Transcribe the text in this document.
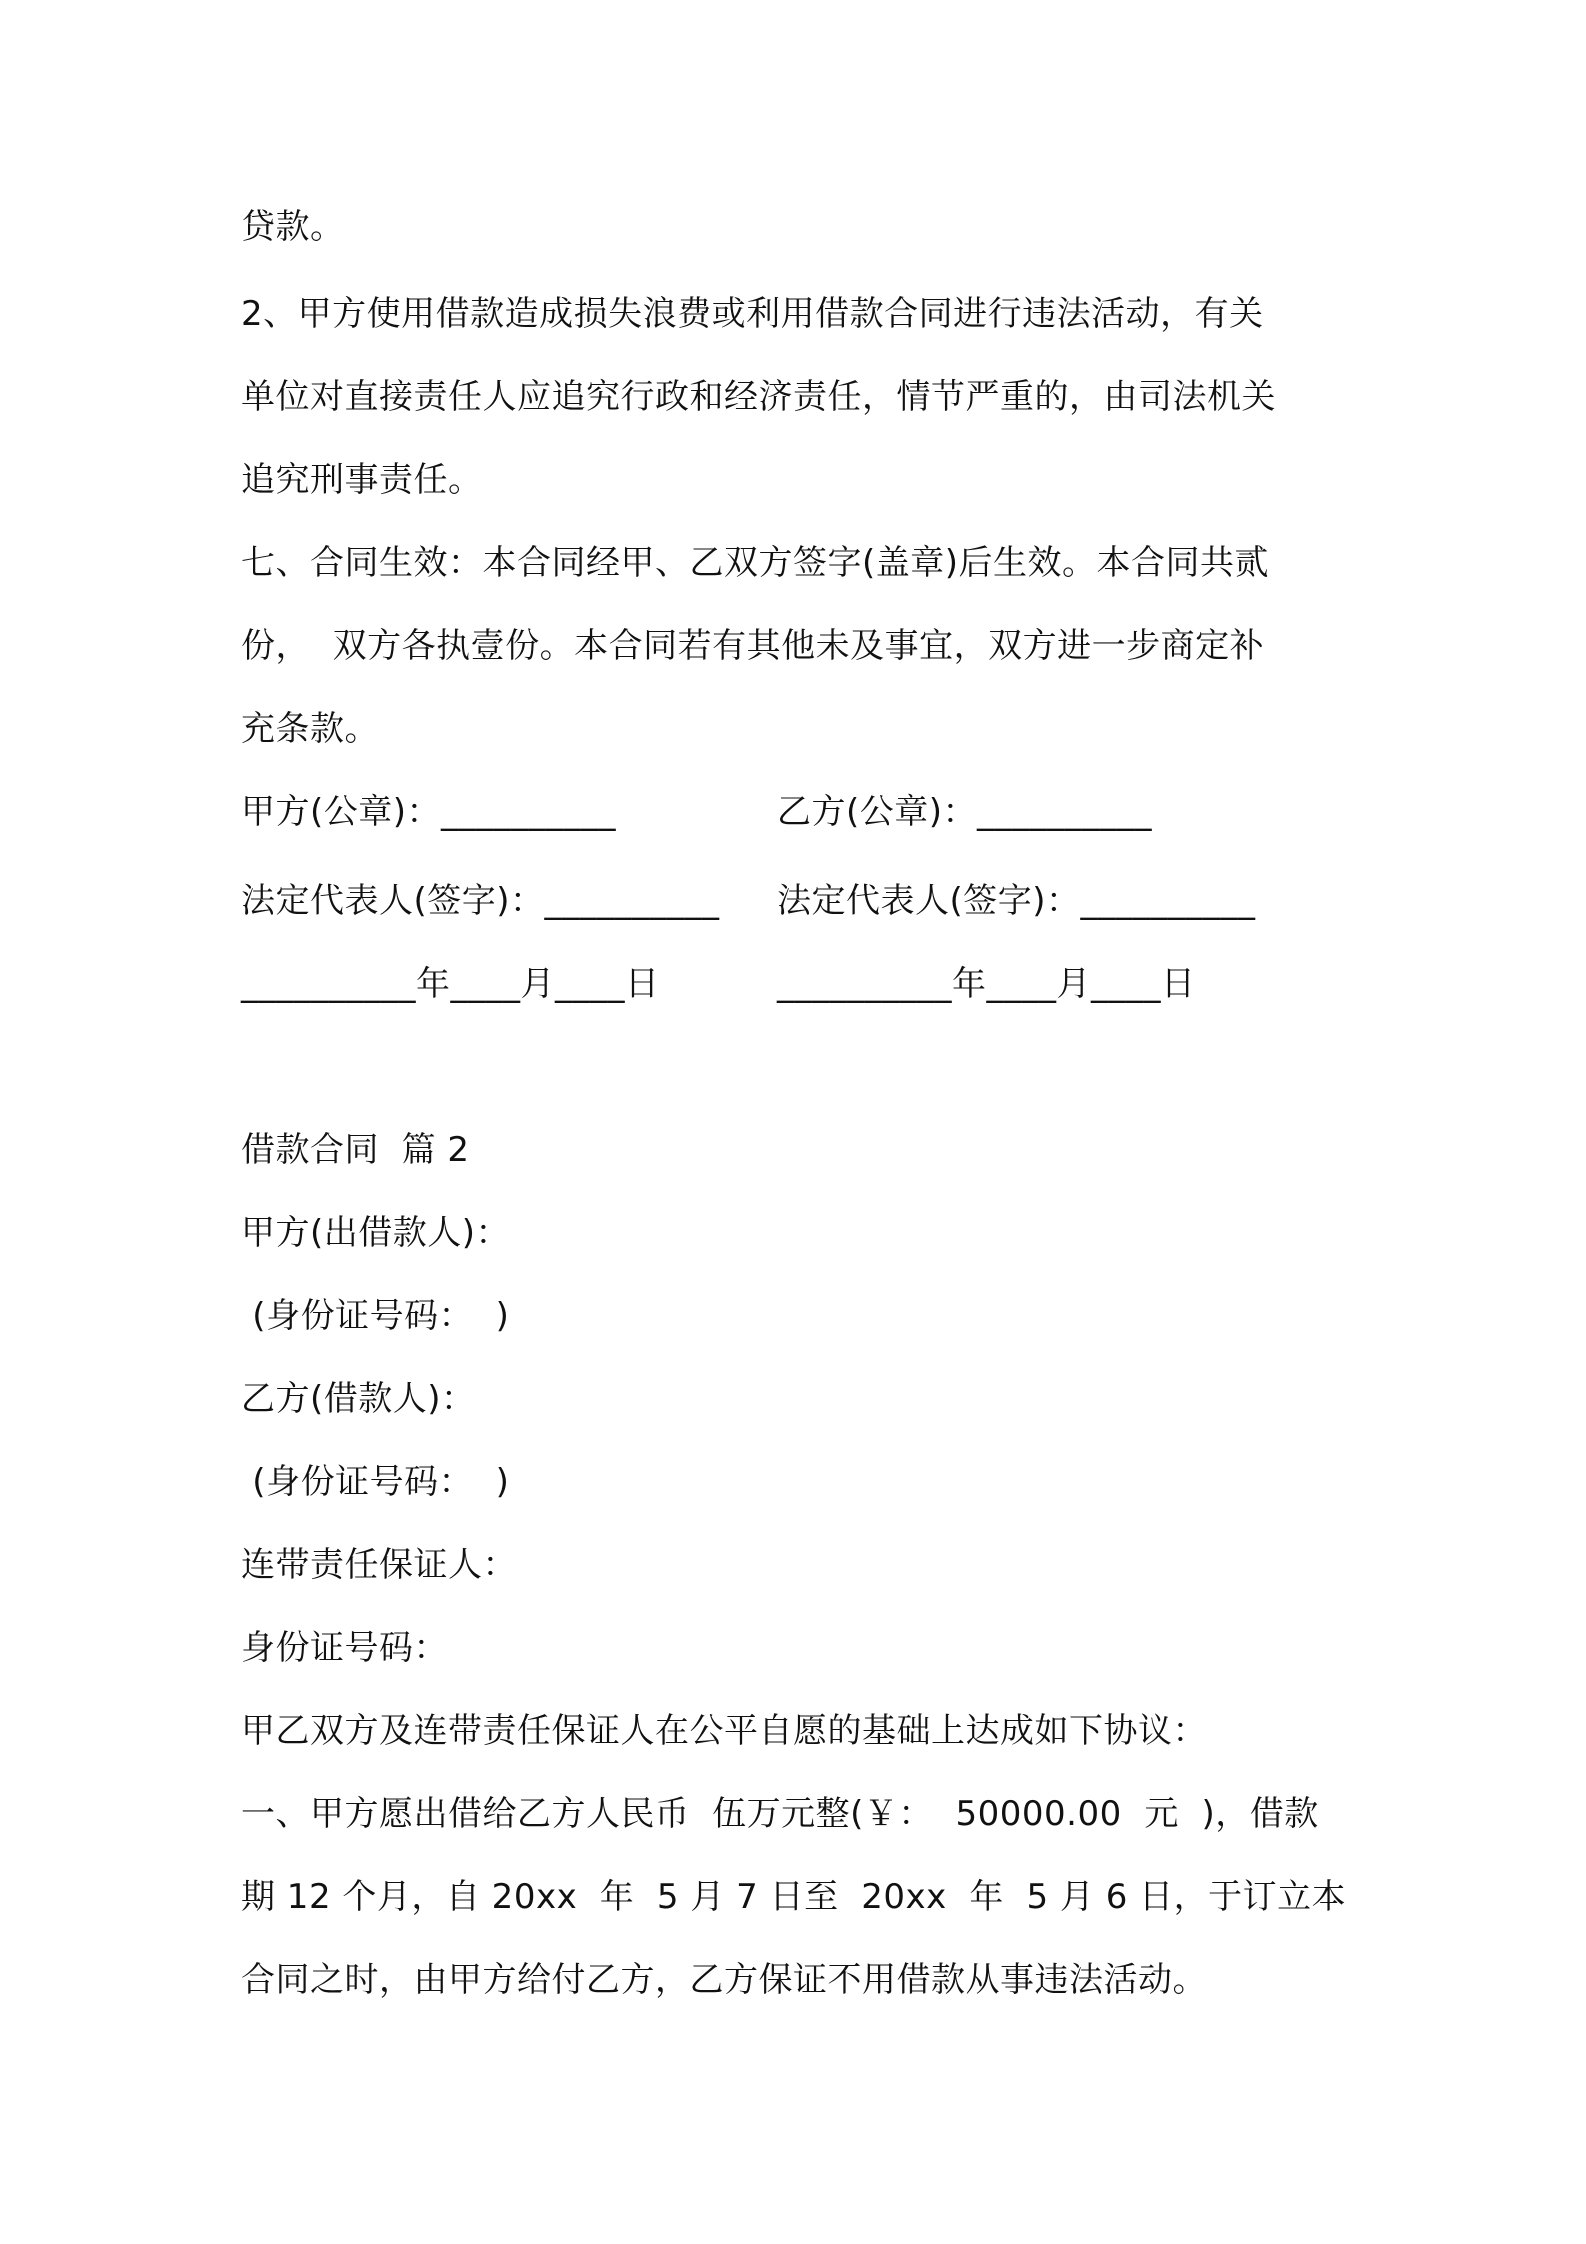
贷款。
2、甲方使用借款造成损失浪费或利用借款合同进行违法活动，有关
单位对直接责任人应追究行政和经济责任，情节严重的，由司法机关
追究刑事责任。
七、合同生效：本合同经甲、乙双方签字(盖章)后生效。本合同共贰
份，  双方各执壹份。本合同若有其他未及事宜，双方进一步商定补
充条款。
甲方(公章)：__________	乙方(公章)：__________
法定代表人(签字)：__________	法定代表人(签字)：__________
__________年____月____日	__________年____月____日
借款合同  篇 2
甲方(出借款人)：
(身份证号码：  )
乙方(借款人)：
(身份证号码：  )
连带责任保证人：
身份证号码：
甲乙双方及连带责任保证人在公平自愿的基础上达成如下协议：
一、甲方愿出借给乙方人民币  伍万元整(￥：  50000.00  元  )，借款
期 12 个月，自 20xx  年  5 月 7 日至  20xx  年  5 月 6 日，于订立本
合同之时，由甲方给付乙方，乙方保证不用借款从事违法活动。
